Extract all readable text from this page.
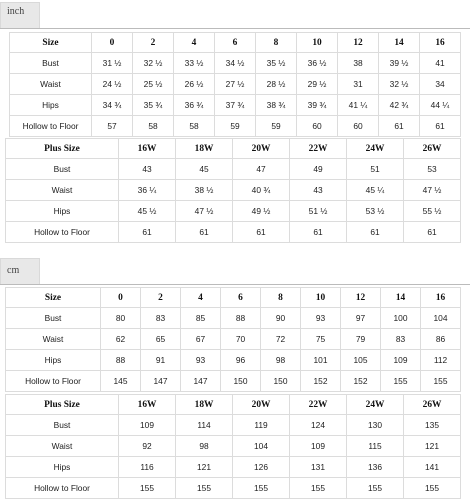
inch
Size	0	2	4	6	8	10	12	14	16
Bust	31 ½	32 ½	33 ½	34 ½	35 ½	36 ½	38	39 ½	41
Waist	24 ½	25 ½	26 ½	27 ½	28 ½	29 ½	31	32 ½	34
Hips	34 ¾	35 ¾	36 ¾	37 ¾	38 ¾	39 ¾	41 ¼	42 ¾	44 ¼
Hollow to Floor	57	58	58	59	59	60	60	61	61
Plus Size	16W	18W	20W	22W	24W	26W
Bust	43	45	47	49	51	53
Waist	36 ¼	38 ½	40 ¾	43	45 ¼	47 ½
Hips	45 ½	47 ½	49 ½	51 ½	53 ½	55 ½
Hollow to Floor	61	61	61	61	61	61
cm
Size	0	2	4	6	8	10	12	14	16
Bust	80	83	85	88	90	93	97	100	104
Waist	62	65	67	70	72	75	79	83	86
Hips	88	91	93	96	98	101	105	109	112
Hollow to Floor	145	147	147	150	150	152	152	155	155
Plus Size	16W	18W	20W	22W	24W	26W
Bust	109	114	119	124	130	135
Waist	92	98	104	109	115	121
Hips	116	121	126	131	136	141
Hollow to Floor	155	155	155	155	155	155
